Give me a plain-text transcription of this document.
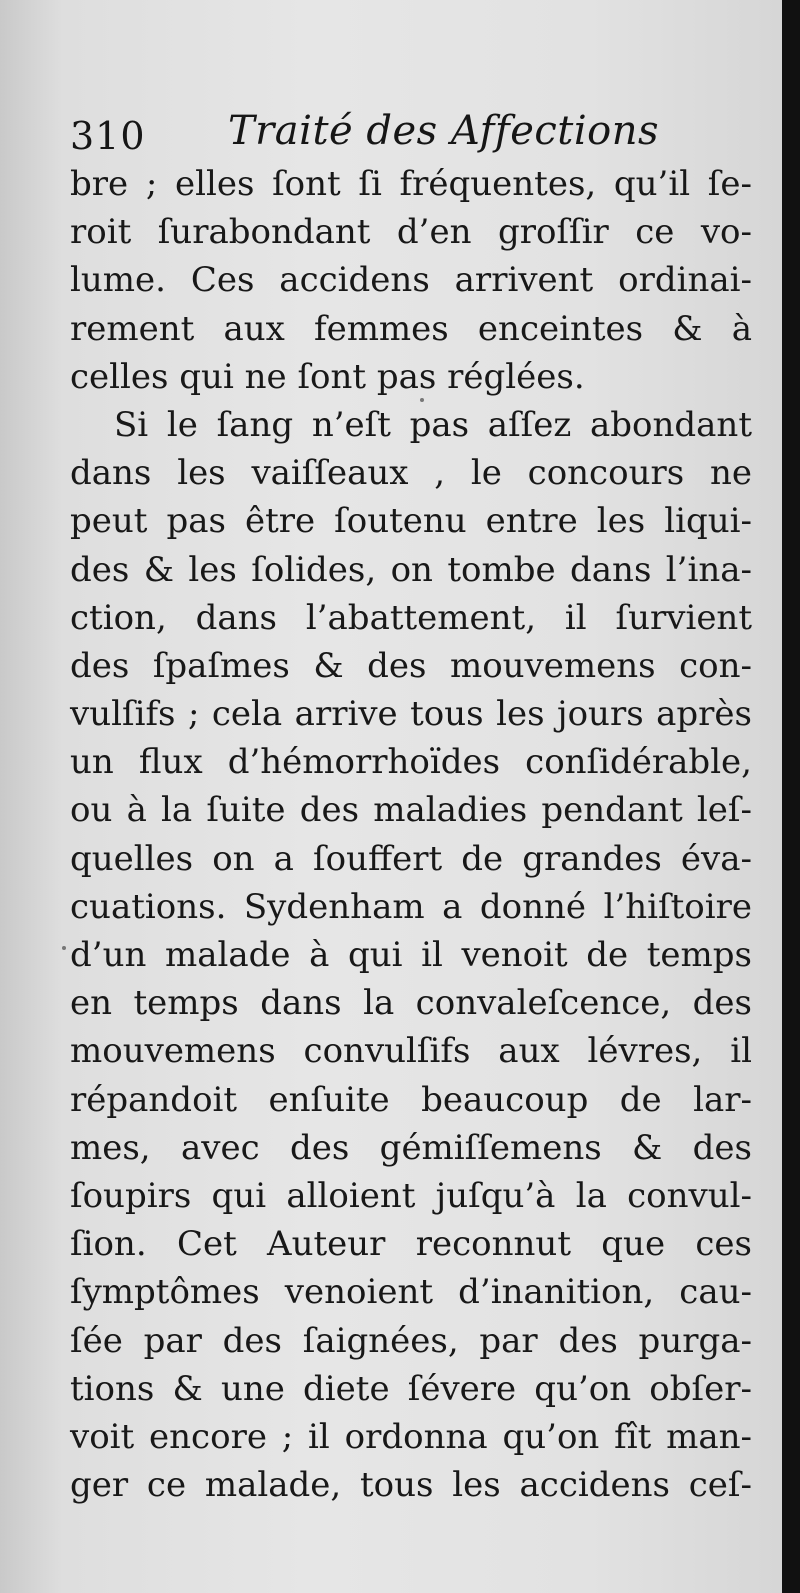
310 Traité des Affections
bre ; elles ſont ſi fréquentes, qu’il ſe-
roit ſurabondant d’en groſſir ce vo-
lume. Ces accidens arrivent ordinai-
rement aux femmes enceintes & à
celles qui ne ſont pas réglées.
Si le ſang n’eſt pas aſſez abondant
dans les vaiſſeaux , le concours ne
peut pas être ſoutenu entre les liqui-
des & les ſolides, on tombe dans l’ina-
ction, dans l’abattement, il ſurvient
des ſpaſmes & des mouvemens con-
vulſifs ; cela arrive tous les jours après
un flux d’hémorrhoïdes conſidérable,
ou à la ſuite des maladies pendant leſ-
quelles on a ſouffert de grandes éva-
cuations. Sydenham a donné l’hiſtoire
d’un malade à qui il venoit de temps
en temps dans la convaleſcence, des
mouvemens convulſifs aux lévres, il
répandoit enſuite beaucoup de lar-
mes, avec des gémiſſemens & des
ſoupirs qui alloient juſqu’à la convul-
ſion. Cet Auteur reconnut que ces
ſymptômes venoient d’inanition, cau-
ſée par des ſaignées, par des purga-
tions & une diete ſévere qu’on obſer-
voit encore ; il ordonna qu’on fît man-
ger ce malade, tous les accidens ceſ-
